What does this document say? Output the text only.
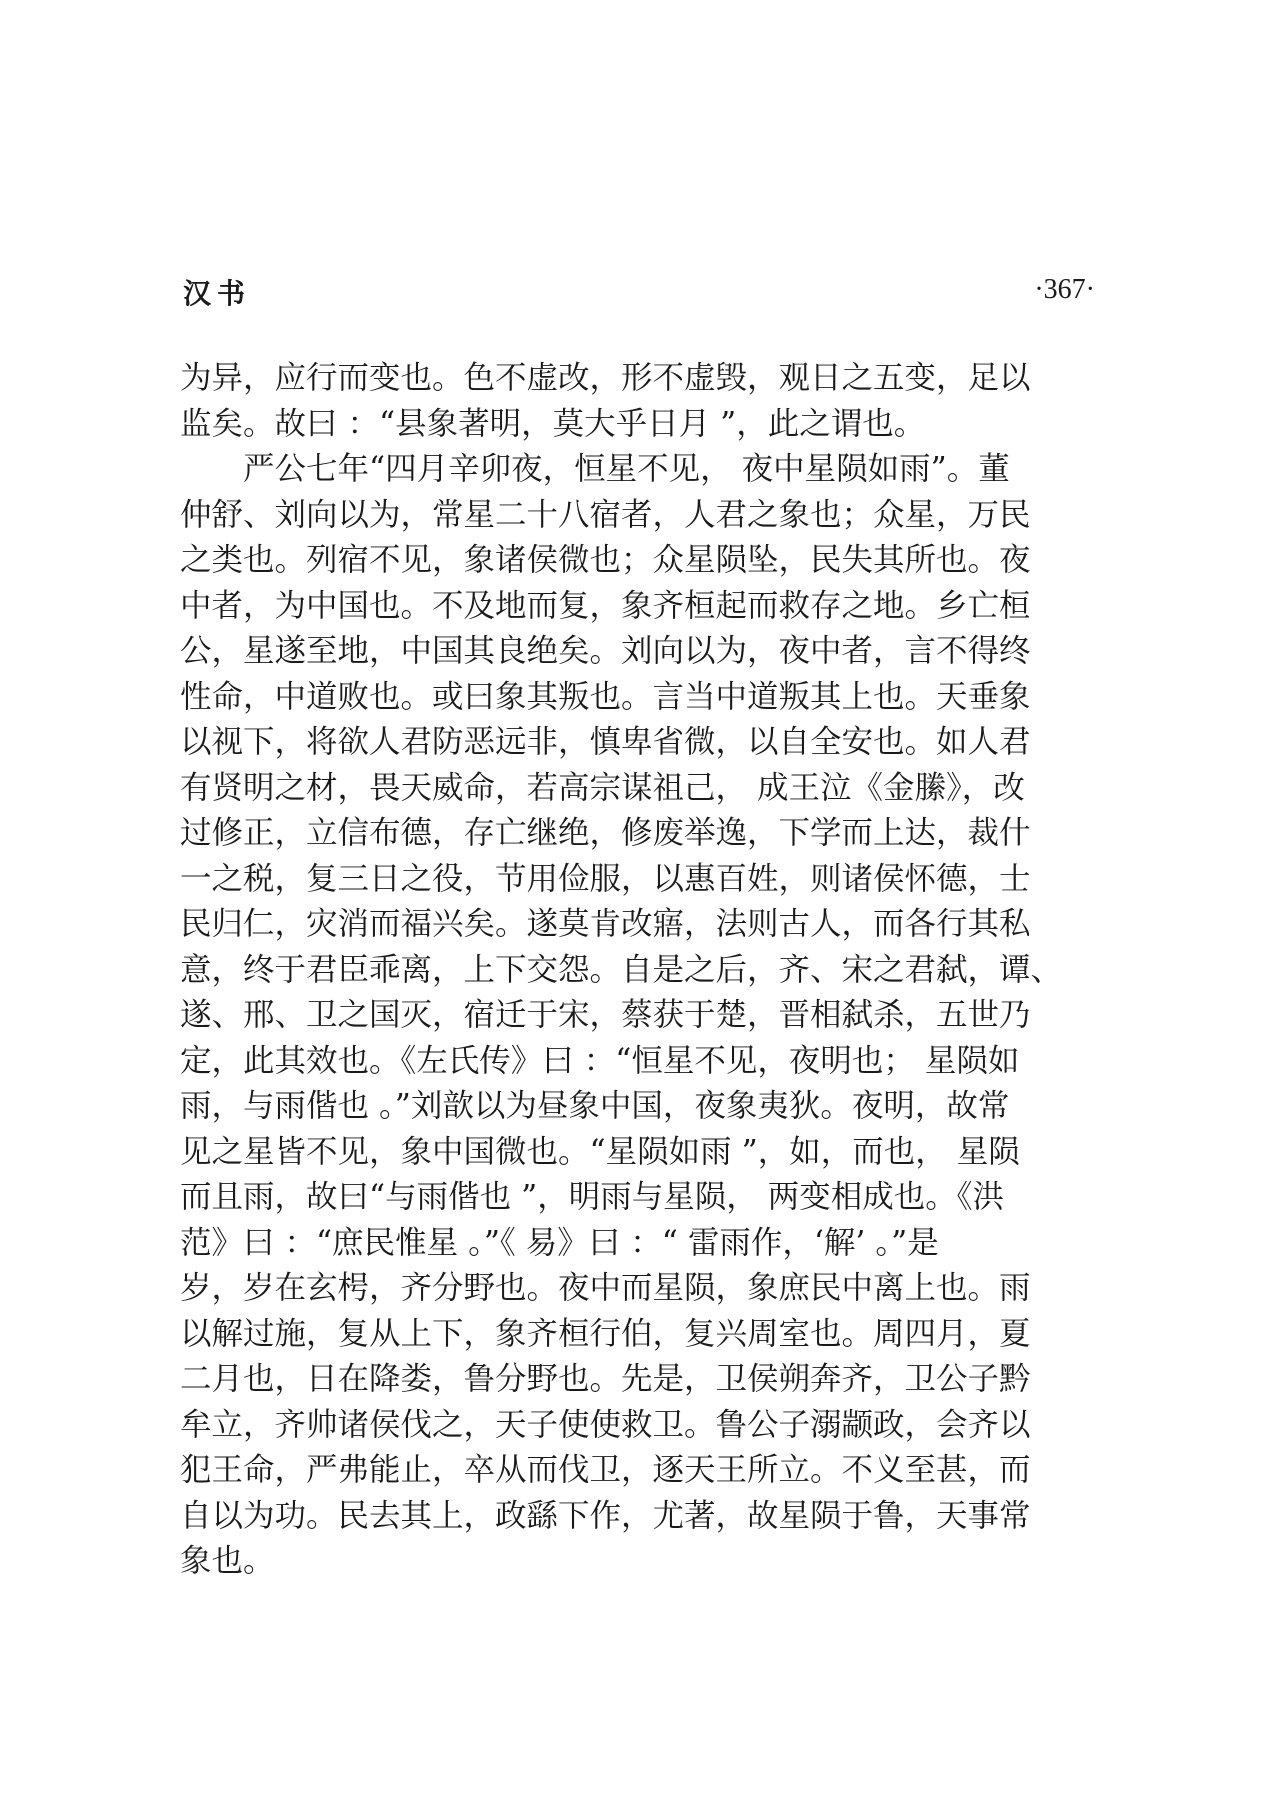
汉书	·367·
为异，应行而变也。色不虚改，形不虚毁，观日之五变，足以
监矣。故曰 ：“县象著明，莫大乎日月 ”，此之谓也。
　　严公七年“四月辛卯夜，恒星不见， 夜中星陨如雨”。董
仲舒、刘向以为，常星二十八宿者，人君之象也；众星，万民
之类也。列宿不见，象诸侯微也；众星陨坠，民失其所也。夜
中者，为中国也。不及地而复，象齐桓起而救存之地。乡亡桓
公，星遂至地，中国其良绝矣。刘向以为，夜中者，言不得终
性命，中道败也。或曰象其叛也。言当中道叛其上也。天垂象
以视下，将欲人君防恶远非，慎卑省微，以自全安也。如人君
有贤明之材，畏天威命，若高宗谋祖己， 成王泣《金縢》，改
过修正，立信布德，存亡继绝，修废举逸，下学而上达，裁什
一之税，复三日之役，节用俭服，以惠百姓，则诸侯怀德，士
民归仁，灾消而福兴矣。遂莫肯改寤，法则古人，而各行其私
意，终于君臣乖离，上下交怨。自是之后，齐、宋之君弑，谭、
遂、邢、卫之国灭，宿迁于宋，蔡获于楚，晋相弑杀，五世乃
定，此其效也。《左氏传》曰 ：“恒星不见，夜明也； 星陨如
雨，与雨偕也 。”刘歆以为昼象中国，夜象夷狄。夜明，故常
见之星皆不见，象中国微也。“星陨如雨 ”，如，而也， 星陨
而且雨，故曰“与雨偕也 ”，明雨与星陨， 两变相成也。《洪
范》曰 ：“庶民惟星 。”《 易》曰 ：“ 雷雨作，‘解’ 。”是
岁，岁在玄枵，齐分野也。夜中而星陨，象庶民中离上也。雨
以解过施，复从上下，象齐桓行伯，复兴周室也。周四月，夏
二月也，日在降娄，鲁分野也。先是，卫侯朔奔齐，卫公子黔
牟立，齐帅诸侯伐之，天子使使救卫。鲁公子溺颛政，会齐以
犯王命，严弗能止，卒从而伐卫，逐天王所立。不义至甚，而
自以为功。民去其上，政繇下作，尤著，故星陨于鲁，天事常
象也。
